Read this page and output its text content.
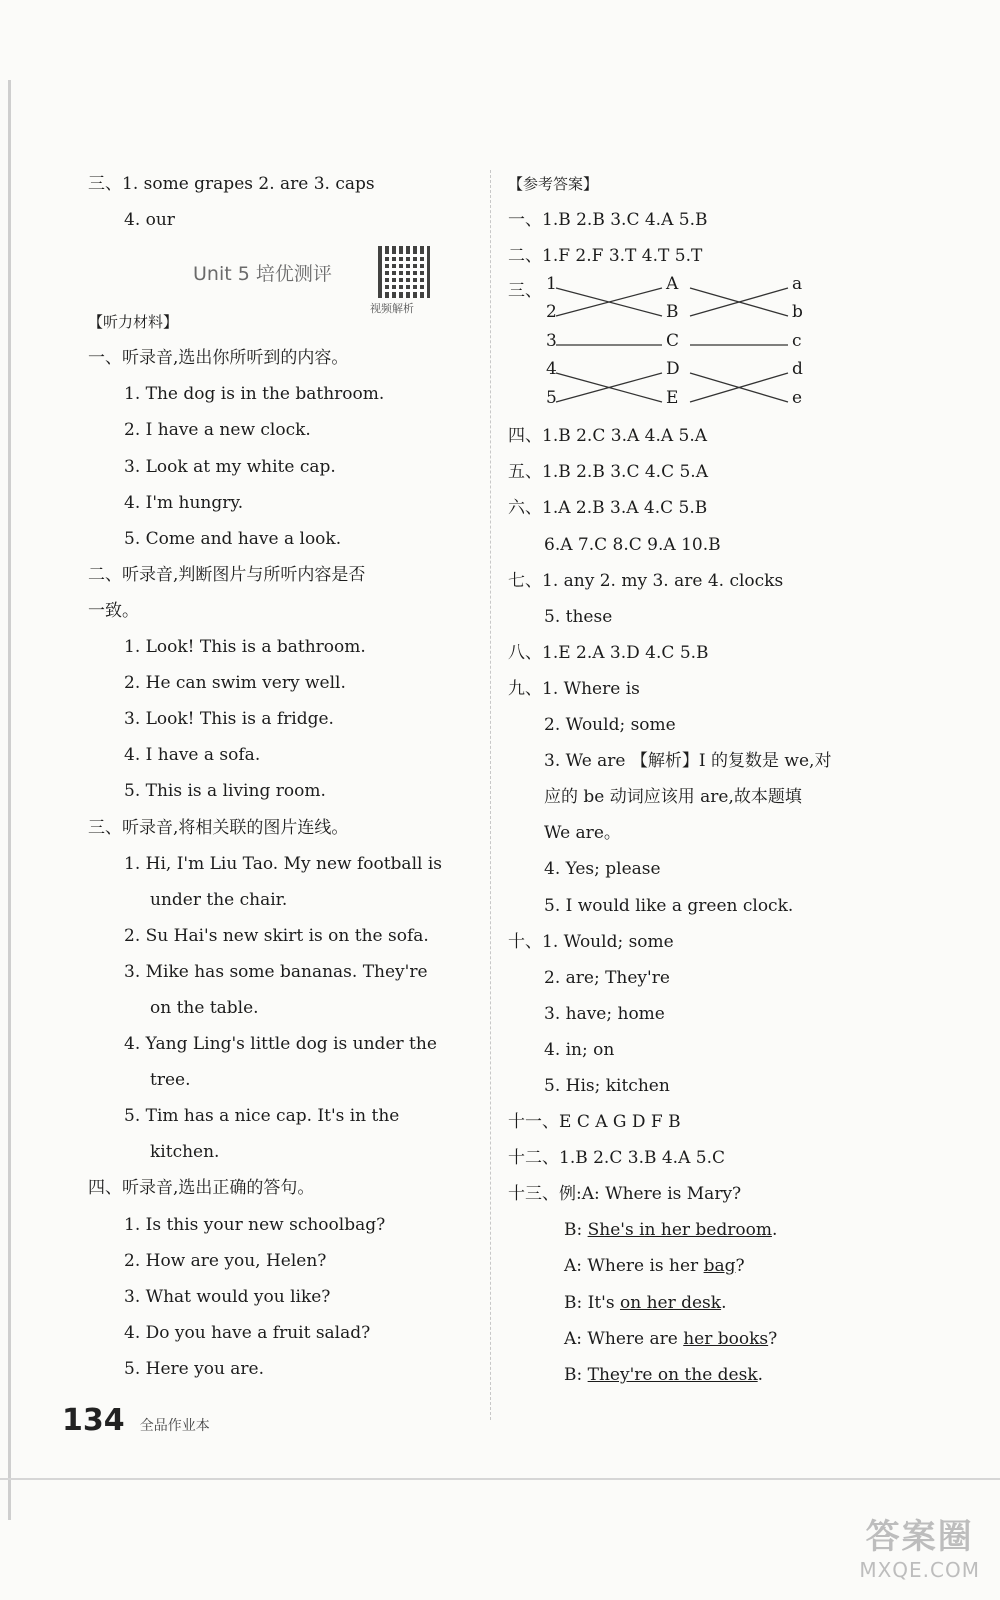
三、1. some grapes 2. are 3. caps
4. our
Unit 5 培优测评
视频解析
【听力材料】
一、听录音,选出你所听到的内容。
1. The dog is in the bathroom.
2. I have a new clock.
3. Look at my white cap.
4. I'm hungry.
5. Come and have a look.
二、听录音,判断图片与所听内容是否
一致。
1. Look! This is a bathroom.
2. He can swim very well.
3. Look! This is a fridge.
4. I have a sofa.
5. This is a living room.
三、听录音,将相关联的图片连线。
1. Hi, I'm Liu Tao. My new football is
under the chair.
2. Su Hai's new skirt is on the sofa.
3. Mike has some bananas. They're
on the table.
4. Yang Ling's little dog is under the
tree.
5. Tim has a nice cap. It's in the
kitchen.
四、听录音,选出正确的答句。
1. Is this your new schoolbag?
2. How are you, Helen?
3. What would you like?
4. Do you have a fruit salad?
5. Here you are.
【参考答案】
一、1.B 2.B 3.C 4.A 5.B
二、1.F 2.F 3.T 4.T 5.T
三、 1
2
3
4
5
A
B
C
D
E
a
b
c
d
e
四、1.B 2.C 3.A 4.A 5.A
五、1.B 2.B 3.C 4.C 5.A
六、1.A 2.B 3.A 4.C 5.B
6.A 7.C 8.C 9.A 10.B
七、1. any 2. my 3. are 4. clocks
5. these
八、1.E 2.A 3.D 4.C 5.B
九、1. Where is
2. Would; some
3. We are 【解析】I 的复数是 we,对
应的 be 动词应该用 are,故本题填
We are。
4. Yes; please
5. I would like a green clock.
十、1. Would; some
2. are; They're
3. have; home
4. in; on
5. His; kitchen
十一、E C A G D F B
十二、1.B 2.C 3.B 4.A 5.C
十三、例:A: Where is Mary?
B: She's in her bedroom.
A: Where is her bag?
B: It's on her desk.
A: Where are her books?
B: They're on the desk.
134 全品作业本
答案圈
MXQE.COM
